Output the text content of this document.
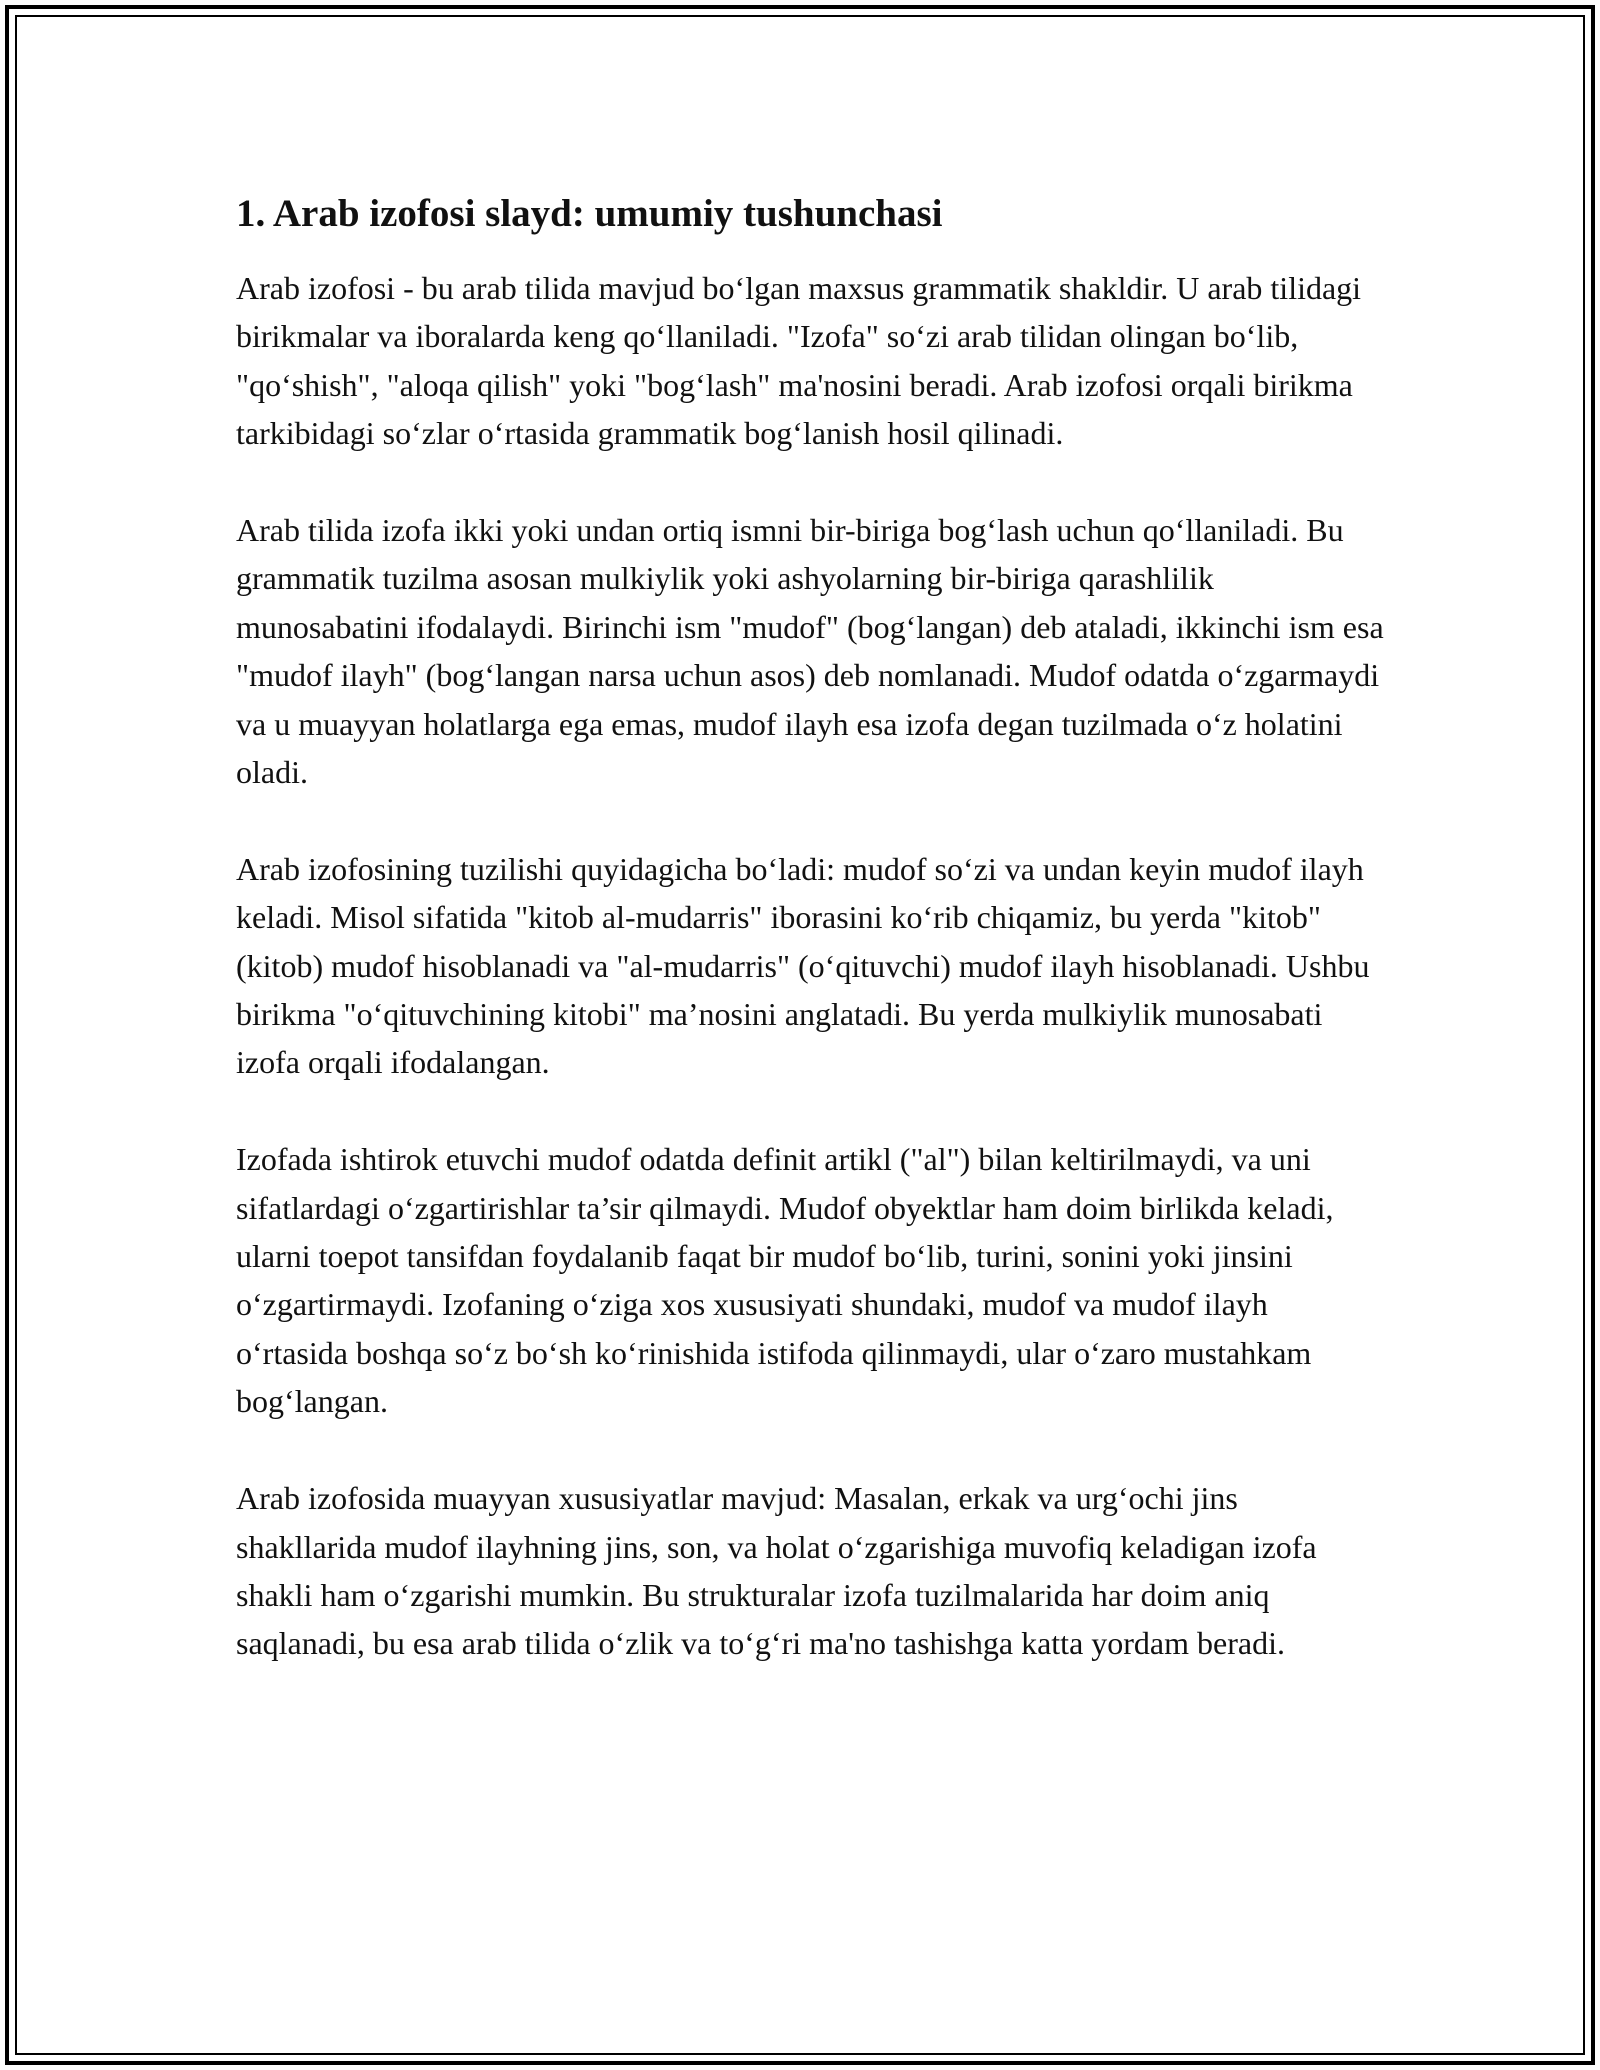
1. Arab izofosi slayd: umumiy tushunchasi

Arab izofosi - bu arab tilida mavjud bo‘lgan maxsus grammatik shakldir. U arab tilidagi birikmalar va iboralarda keng qo‘llaniladi. "Izofa" so‘zi arab tilidan olingan bo‘lib, "qo‘shish", "aloqa qilish" yoki "bog‘lash" ma'nosini beradi. Arab izofosi orqali birikma tarkibidagi so‘zlar o‘rtasida grammatik bog‘lanish hosil qilinadi.

Arab tilida izofa ikki yoki undan ortiq ismni bir-biriga bog‘lash uchun qo‘llaniladi. Bu grammatik tuzilma asosan mulkiylik yoki ashyolarning bir-biriga qarashlilik munosabatini ifodalaydi. Birinchi ism "mudof" (bog‘langan) deb ataladi, ikkinchi ism esa "mudof ilayh" (bog‘langan narsa uchun asos) deb nomlanadi. Mudof odatda o‘zgarmaydi va u muayyan holatlarga ega emas, mudof ilayh esa izofa degan tuzilmada o‘z holatini oladi.

Arab izofosining tuzilishi quyidagicha bo‘ladi: mudof so‘zi va undan keyin mudof ilayh keladi. Misol sifatida "kitob al-mudarris" iborasini ko‘rib chiqamiz, bu yerda "kitob" (kitob) mudof hisoblanadi va "al-mudarris" (o‘qituvchi) mudof ilayh hisoblanadi. Ushbu birikma "o‘qituvchining kitobi" ma’nosini anglatadi. Bu yerda mulkiylik munosabati izofa orqali ifodalangan.

Izofada ishtirok etuvchi mudof odatda definit artikl ("al") bilan keltirilmaydi, va uni sifatlardagi o‘zgartirishlar ta’sir qilmaydi. Mudof obyektlar ham doim birlikda keladi, ularni toepot tansifdan foydalanib faqat bir mudof bo‘lib, turini, sonini yoki jinsini o‘zgartirmaydi. Izofaning o‘ziga xos xususiyati shundaki, mudof va mudof ilayh o‘rtasida boshqa so‘z bo‘sh ko‘rinishida istifoda qilinmaydi, ular o‘zaro mustahkam bog‘langan.

Arab izofosida muayyan xususiyatlar mavjud: Masalan, erkak va urg‘ochi jins shakllarida mudof ilayhning jins, son, va holat o‘zgarishiga muvofiq keladigan izofa shakli ham o‘zgarishi mumkin. Bu strukturalar izofa tuzilmalarida har doim aniq saqlanadi, bu esa arab tilida o‘zlik va to‘g‘ri ma'no tashishga katta yordam beradi.
